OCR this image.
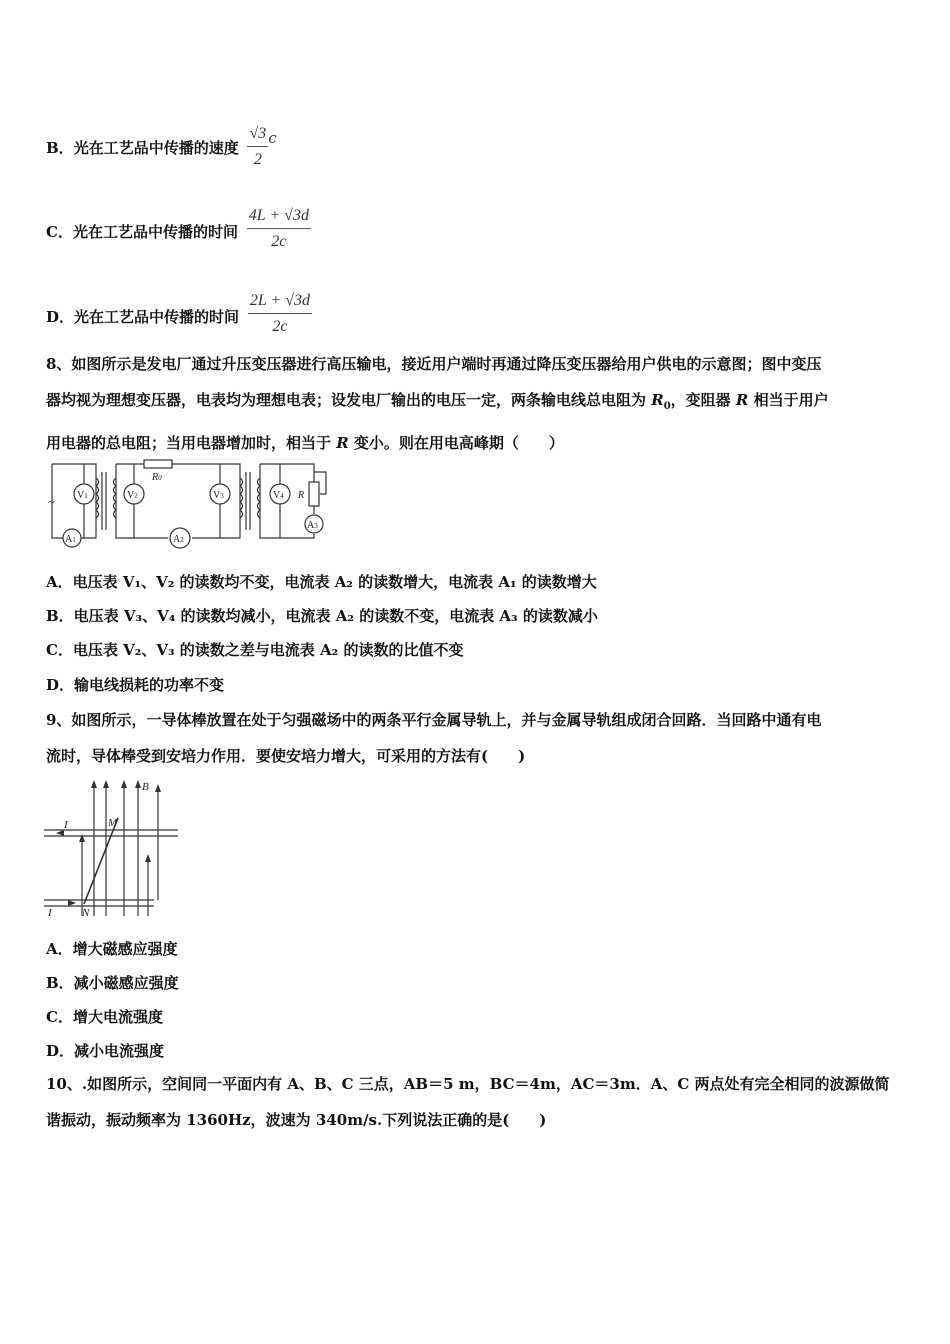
B．光在工艺品中传播的速度 $\frac{√3}{2}$ c
C．光在工艺品中传播的时间 $\frac{4L + √3d}{2c}$
D．光在工艺品中传播的时间 $\frac{2L + √3d}{2c}$
8、如图所示是发电厂通过升压变压器进行高压输电，接近用户端时再通过降压变压器给用户供电的示意图；图中变压
器均视为理想变压器，电表均为理想电表；设发电厂输出的电压一定，两条输电线总电阻为 $R_0$，变阻器 R 相当于用户
用电器的总电阻；当用电器增加时，相当于 R 变小。则在用电高峰期（　　）
V1	V2	V3	V4
A1	A2
A3
R0
R
~
A．电压表 V₁、V₂ 的读数均不变，电流表 A₂ 的读数增大，电流表 A₁ 的读数增大
B．电压表 V₃、V₄ 的读数均减小，电流表 A₂ 的读数不变，电流表 A₃ 的读数减小
C．电压表 V₂、V₃ 的读数之差与电流表 A₂ 的读数的比值不变
D．输电线损耗的功率不变
9、如图所示，一导体棒放置在处于匀强磁场中的两条平行金属导轨上，并与金属导轨组成闭合回路．当回路中通有电
流时，导体棒受到安培力作用．要使安培力增大，可采用的方法有(　　)
B
M
N
I
I
A．增大磁感应强度
B．减小磁感应强度
C．增大电流强度
D．减小电流强度
10、.如图所示，空间同一平面内有 A、B、C 三点，AB＝5 m，BC＝4m，AC＝3m．A、C 两点处有完全相同的波源做简
谐振动，振动频率为 1360Hz，波速为 340m/s.下列说法正确的是(　　)
